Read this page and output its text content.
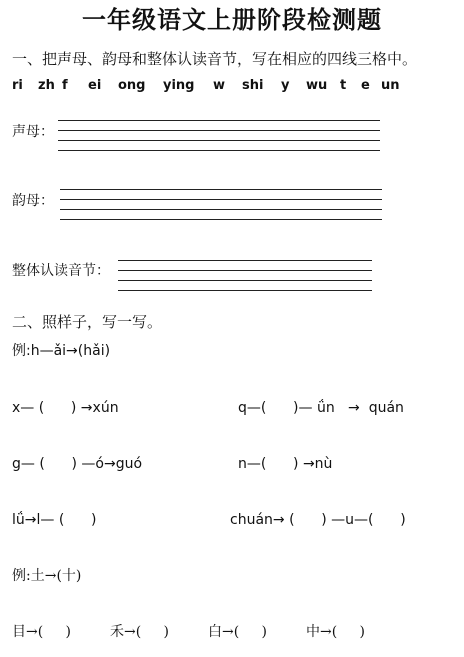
一年级语文上册阶段检测题
一、把声母、韵母和整体认读音节，写在相应的四线三格中。
ri zh f ei ong ying w shi y wu t e un
声母：
韵母：
整体认读音节：
二、照样子，写一写。
例:h—ǎi→(hǎi)
x— (      ) →xún	q—(      )— ǘn   →  quán
g— (      ) —ó→guó	n—(      ) →nù
lǘ→l— (      )	chuán→ (      ) —u—(      )
例:土→(十)
目→(     )	禾→(     )	白→(     )	中→(     )
